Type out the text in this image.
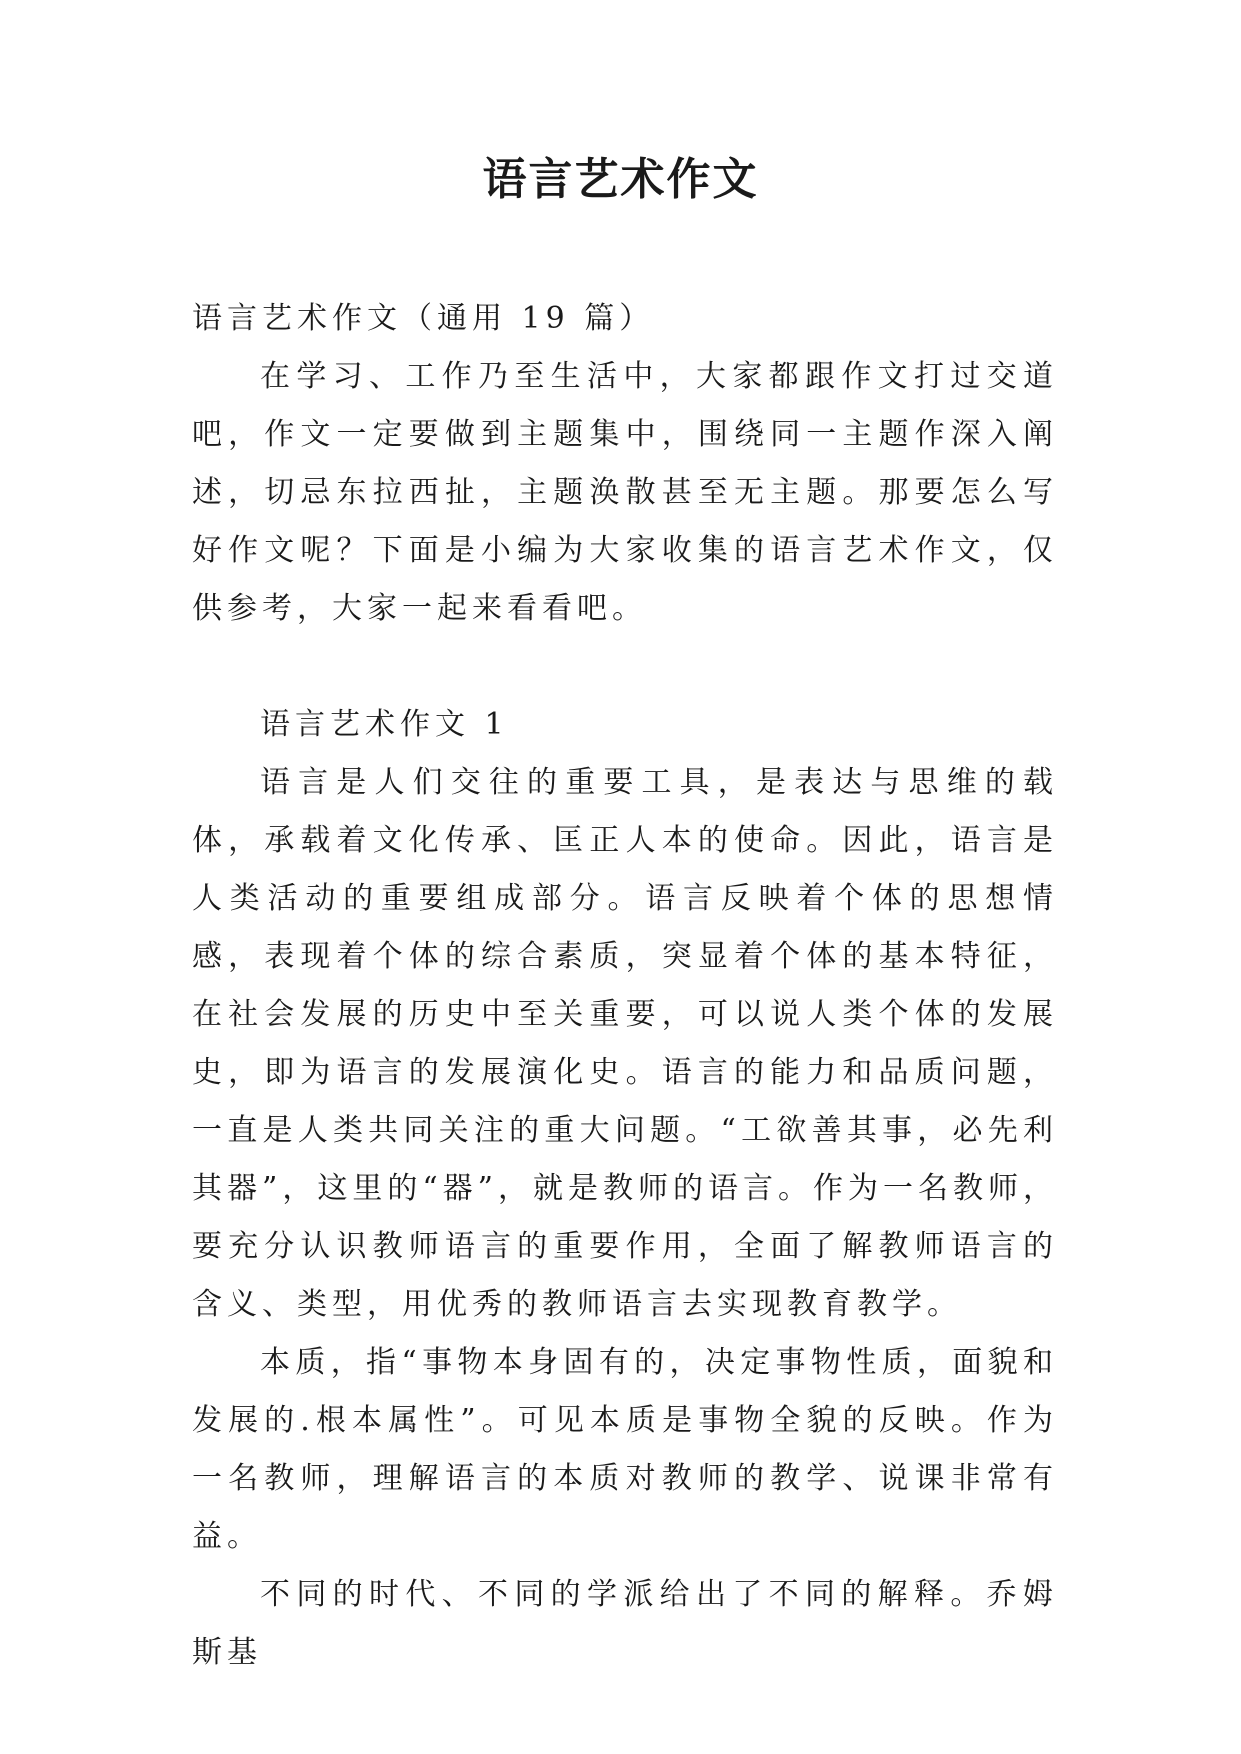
语言艺术作文

语言艺术作文（通用 19 篇）

在学习、工作乃至生活中，大家都跟作文打过交道吧，作文一定要做到主题集中，围绕同一主题作深入阐述，切忌东拉西扯，主题涣散甚至无主题。那要怎么写好作文呢？下面是小编为大家收集的语言艺术作文，仅供参考，大家一起来看看吧。

语言艺术作文 1

语言是人们交往的重要工具，是表达与思维的载体，承载着文化传承、匡正人本的使命。因此，语言是人类活动的重要组成部分。语言反映着个体的思想情感，表现着个体的综合素质，突显着个体的基本特征，在社会发展的历史中至关重要，可以说人类个体的发展史，即为语言的发展演化史。语言的能力和品质问题，一直是人类共同关注的重大问题。“工欲善其事，必先利其器”，这里的“器”，就是教师的语言。作为一名教师，要充分认识教师语言的重要作用，全面了解教师语言的含义、类型，用优秀的教师语言去实现教育教学。

本质，指“事物本身固有的，决定事物性质，面貌和发展的.根本属性”。可见本质是事物全貌的反映。作为一名教师，理解语言的本质对教师的教学、说课非常有益。

不同的时代、不同的学派给出了不同的解释。乔姆斯基
